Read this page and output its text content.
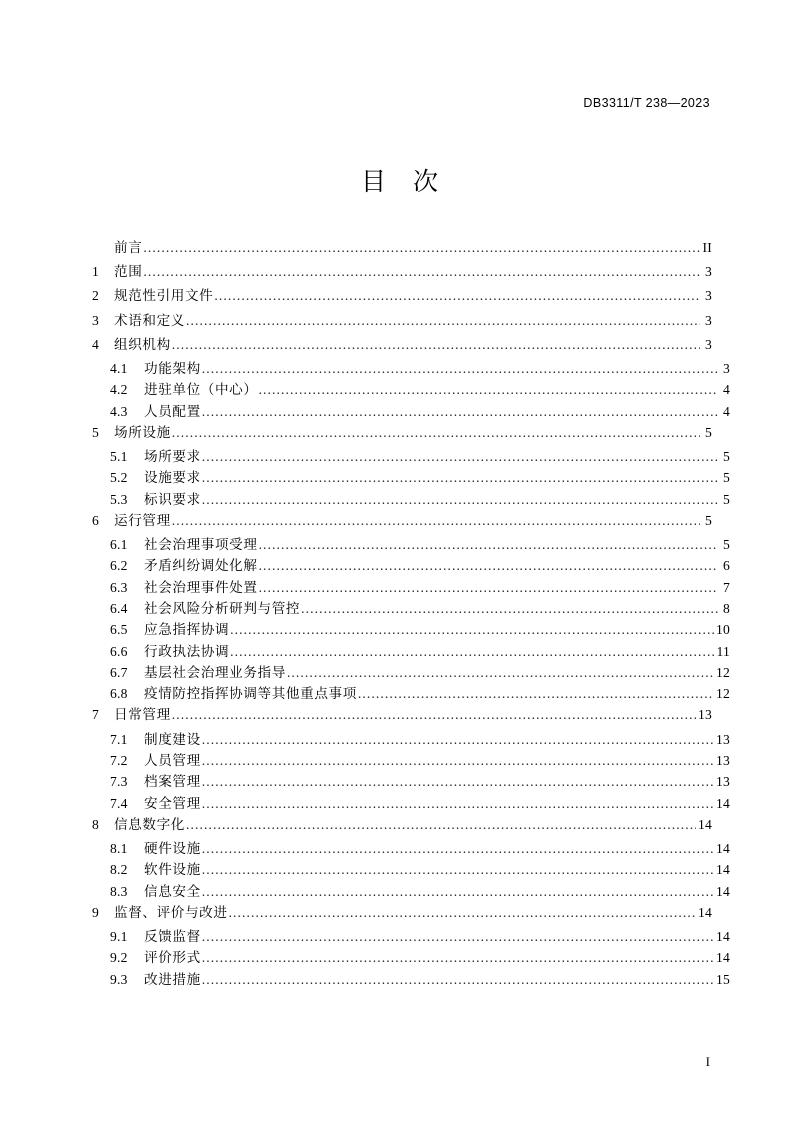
DB3311/T 238—2023
目 次
前言 .....	II
1	范围 .....	3
2	规范性引用文件 .....	3
3	术语和定义 .....	3
4	组织机构 .....	3
4.1	功能架构 .....	3
4.2	进驻单位（中心） .....	4
4.3	人员配置 .....	4
5	场所设施 .....	5
5.1	场所要求 .....	5
5.2	设施要求 .....	5
5.3	标识要求 .....	5
6	运行管理 .....	5
6.1	社会治理事项受理 .....	5
6.2	矛盾纠纷调处化解 .....	6
6.3	社会治理事件处置 .....	7
6.4	社会风险分析研判与管控 .....	8
6.5	应急指挥协调 .....	10
6.6	行政执法协调 .....	11
6.7	基层社会治理业务指导 .....	12
6.8	疫情防控指挥协调等其他重点事项 .....	12
7	日常管理 .....	13
7.1	制度建设 .....	13
7.2	人员管理 .....	13
7.3	档案管理 .....	13
7.4	安全管理 .....	14
8	信息数字化 .....	14
8.1	硬件设施 .....	14
8.2	软件设施 .....	14
8.3	信息安全 .....	14
9	监督、评价与改进 .....	14
9.1	反馈监督 .....	14
9.2	评价形式 .....	14
9.3	改进措施 .....	15
I
